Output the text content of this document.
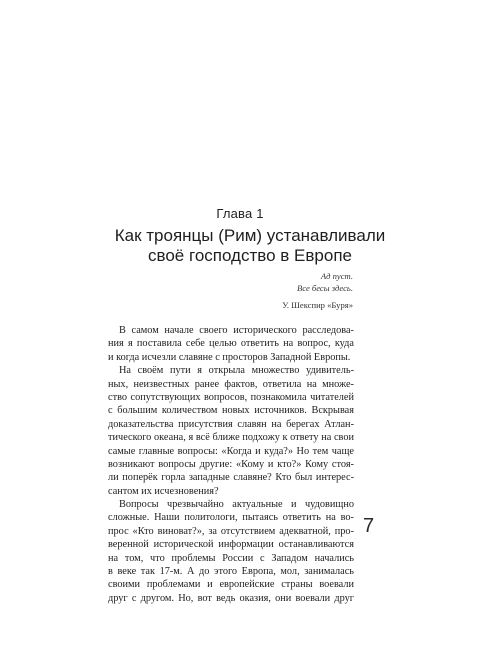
Глава 1
Как троянцы (Рим) устанавливали
своё господство в Европе
Ад пуст.
Все бесы здесь.
У. Шекспир «Буря»
В самом начале своего исторического расследова-
ния я поставила себе целью ответить на вопрос, куда
и когда исчезли славяне с просторов Западной Европы.
На своём пути я открыла множество удивитель-
ных, неизвестных ранее фактов, ответила на множе-
ство сопутствующих вопросов, познакомила читателей
с большим количеством новых источников. Вскрывая
доказательства присутствия славян на берегах Атлан-
тического океана, я всё ближе подхожу к ответу на свои
самые главные вопросы: «Когда и куда?» Но тем чаще
возникают вопросы другие: «Кому и кто?» Кому стоя-
ли поперёк горла западные славяне? Кто был интерес-
сантом их исчезновения?
Вопросы чрезвычайно актуальные и чудовищно
сложные. Наши политологи, пытаясь ответить на во-
прос «Кто виноват?», за отсутствием адекватной, про-
веренной исторической информации останавливаются
на том, что проблемы России с Западом начались
в веке так 17-м. А до этого Европа, мол, занималась
своими проблемами и европейские страны воевали
друг с другом. Но, вот ведь оказия, они воевали друг
7
